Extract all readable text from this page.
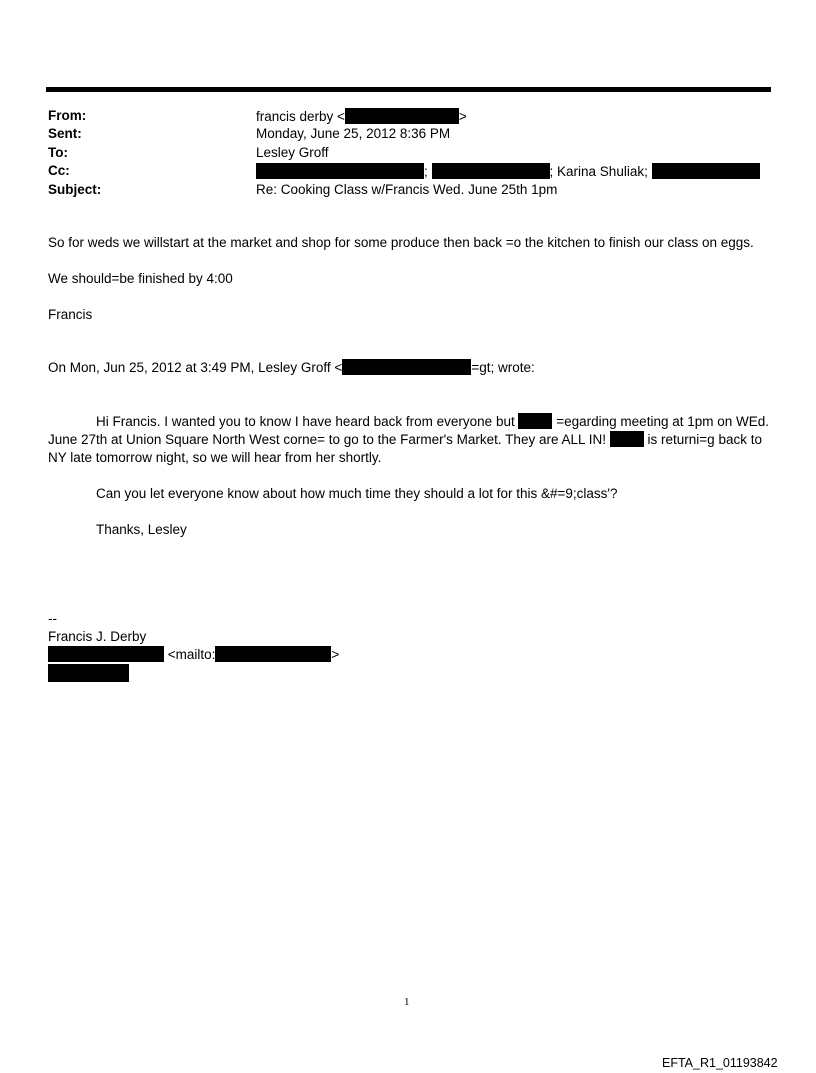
From:	francis derby <	>
Sent:	Monday, June 25, 2012 8:36 PM
To:	Lesley Groff
Cc:	;	; Karina Shuliak;
Subject:	Re: Cooking Class w/Francis Wed. June 25th 1pm
So for weds we willstart at the market and shop for some produce then back =o the kitchen to finish our class on eggs.
We should=be finished by 4:00
Francis
On Mon, Jun 25, 2012 at 3:49 PM, Lesley Groff <	=gt; wrote:
Hi Francis. I wanted you to know I have heard back from everyone but	=egarding meeting at 1pm on WEd.
June 27th at Union Square North West corne= to go to the Farmer's Market. They are ALL IN!	is returni=g back to
NY late tomorrow night, so we will hear from her shortly.
Can you let everyone know about how much time they should a lot for this &#=9;class'?
Thanks, Lesley
--
Francis J. Derby
<mailto:	>
1
EFTA_R1_01193842
